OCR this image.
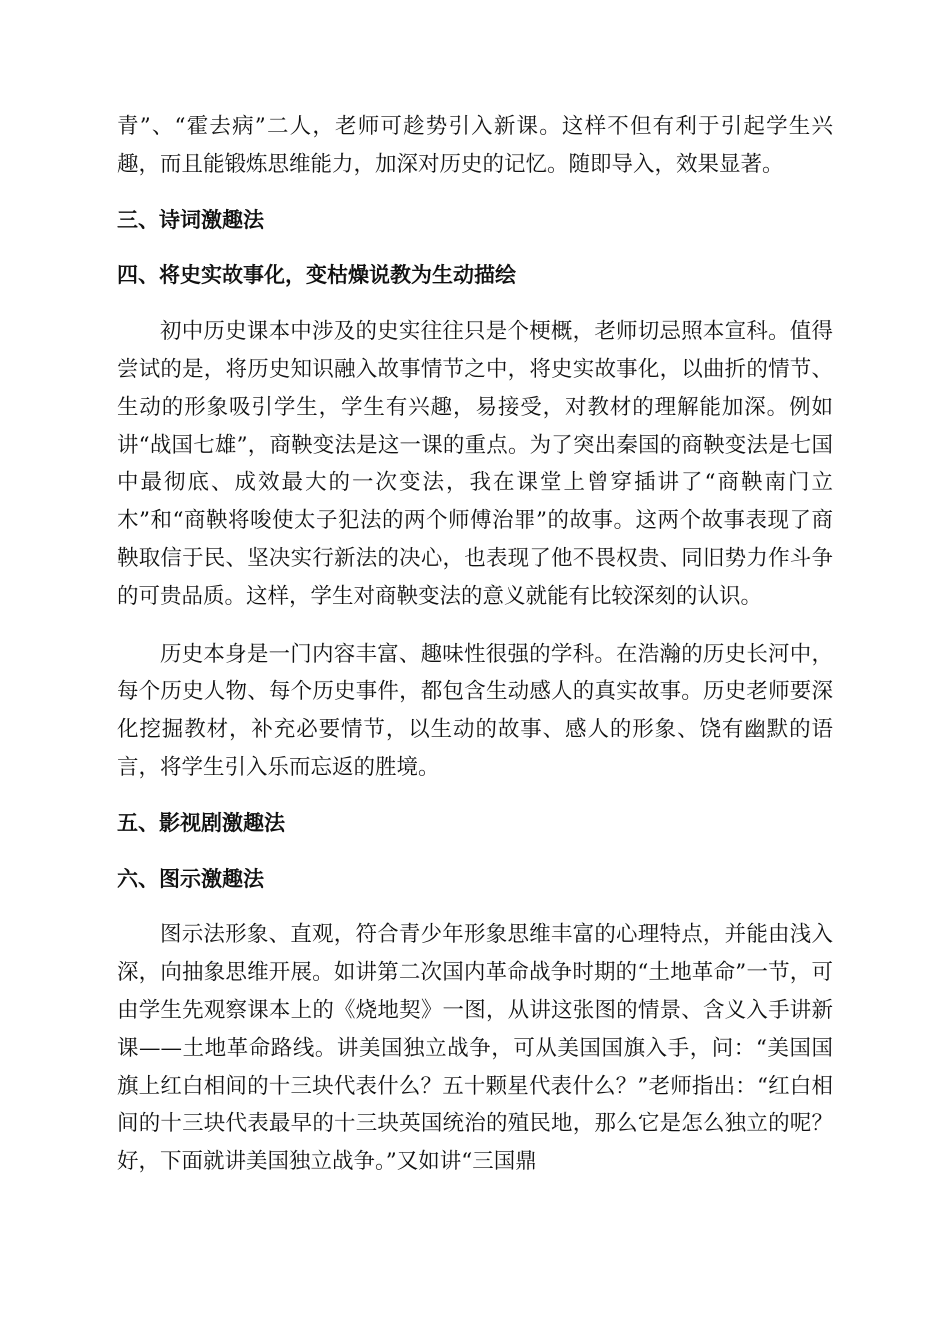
青”、“霍去病”二人，老师可趁势引入新课。这样不但有利于引起学生兴趣，而且能锻炼思维能力，加深对历史的记忆。随即导入，效果显著。

三、诗词激趣法
四、将史实故事化，变枯燥说教为生动描绘

初中历史课本中涉及的史实往往只是个梗概，老师切忌照本宣科。值得尝试的是，将历史知识融入故事情节之中，将史实故事化，以曲折的情节、生动的形象吸引学生，学生有兴趣，易接受，对教材的理解能加深。例如讲“战国七雄”，商鞅变法是这一课的重点。为了突出秦国的商鞅变法是七国中最彻底、成效最大的一次变法，我在课堂上曾穿插讲了“商鞅南门立木”和“商鞅将唆使太子犯法的两个师傅治罪”的故事。这两个故事表现了商鞅取信于民、坚决实行新法的决心，也表现了他不畏权贵、同旧势力作斗争的可贵品质。这样，学生对商鞅变法的意义就能有比较深刻的认识。

历史本身是一门内容丰富、趣味性很强的学科。在浩瀚的历史长河中，每个历史人物、每个历史事件，都包含生动感人的真实故事。历史老师要深化挖掘教材，补充必要情节，以生动的故事、感人的形象、饶有幽默的语言，将学生引入乐而忘返的胜境。

五、影视剧激趣法
六、图示激趣法

图示法形象、直观，符合青少年形象思维丰富的心理特点，并能由浅入深，向抽象思维开展。如讲第二次国内革命战争时期的“土地革命”一节，可由学生先观察课本上的《烧地契》一图，从讲这张图的情景、含义入手讲新课——土地革命路线。讲美国独立战争，可从美国国旗入手，问：“美国国旗上红白相间的十三块代表什么？五十颗星代表什么？”老师指出：“红白相间的十三块代表最早的十三块英国统治的殖民地，那么它是怎么独立的呢？好，下面就讲美国独立战争。”又如讲“三国鼎
